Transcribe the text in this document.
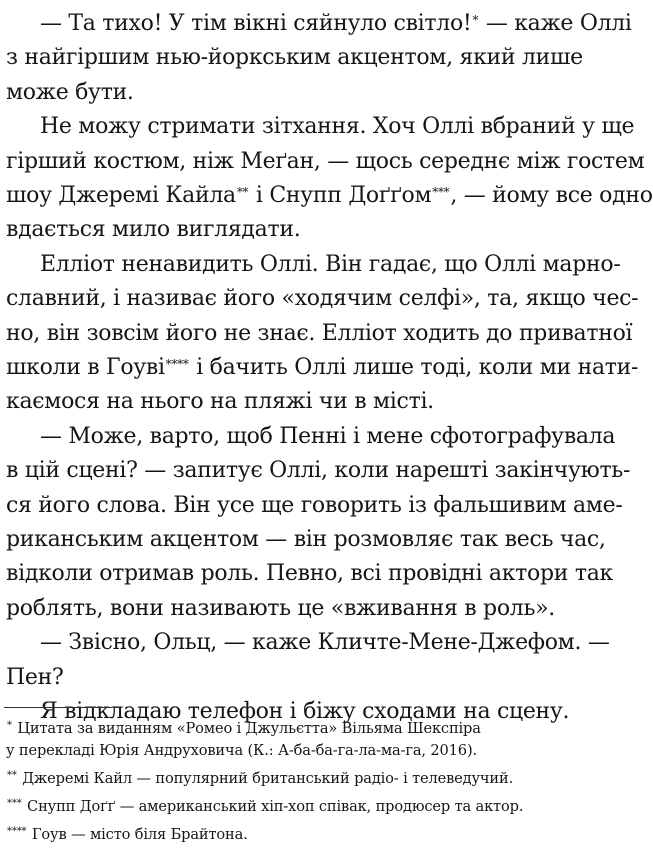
— Та тихо! У тім вікні сяйнуло світло!* — каже Оллі
з найгіршим нью-йоркським акцентом, який лише
може бути.
Не можу стримати зітхання. Хоч Оллі вбраний у ще
гірший костюм, ніж Меґан, — щось середнє між гостем
шоу Джеремі Кайла** і Снупп Доґґом***, — йому все одно
вдається мило виглядати.
Елліот ненавидить Оллі. Він гадає, що Оллі марно-
славний, і називає його «ходячим селфі», та, якщо чес-
но, він зовсім його не знає. Елліот ходить до приватної
школи в Гоуві**** і бачить Оллі лише тоді, коли ми нати-
каємося на нього на пляжі чи в місті.
— Може, варто, щоб Пенні і мене сфотографувала
в цій сцені? — запитує Оллі, коли нарешті закінчують-
ся його слова. Він усе ще говорить із фальшивим аме-
риканським акцентом — він розмовляє так весь час,
відколи отримав роль. Певно, всі провідні актори так
роблять, вони називають це «вживання в роль».
— Звісно, Ольц, — каже Кличте-Мене-Джефом. —
Пен?
Я відкладаю телефон і біжу сходами на сцену.
* Цитата за виданням «Ромео і Джульєтта» Вільяма Шекспіра
у перекладі Юрія Андруховича (К.: А-ба-ба-га-ла-ма-га, 2016).
** Джеремі Кайл — популярний британський радіо- і телеведучий.
*** Снупп Доґґ — американський хіп-хоп співак, продюсер та актор.
**** Гоув — місто біля Брайтона.
